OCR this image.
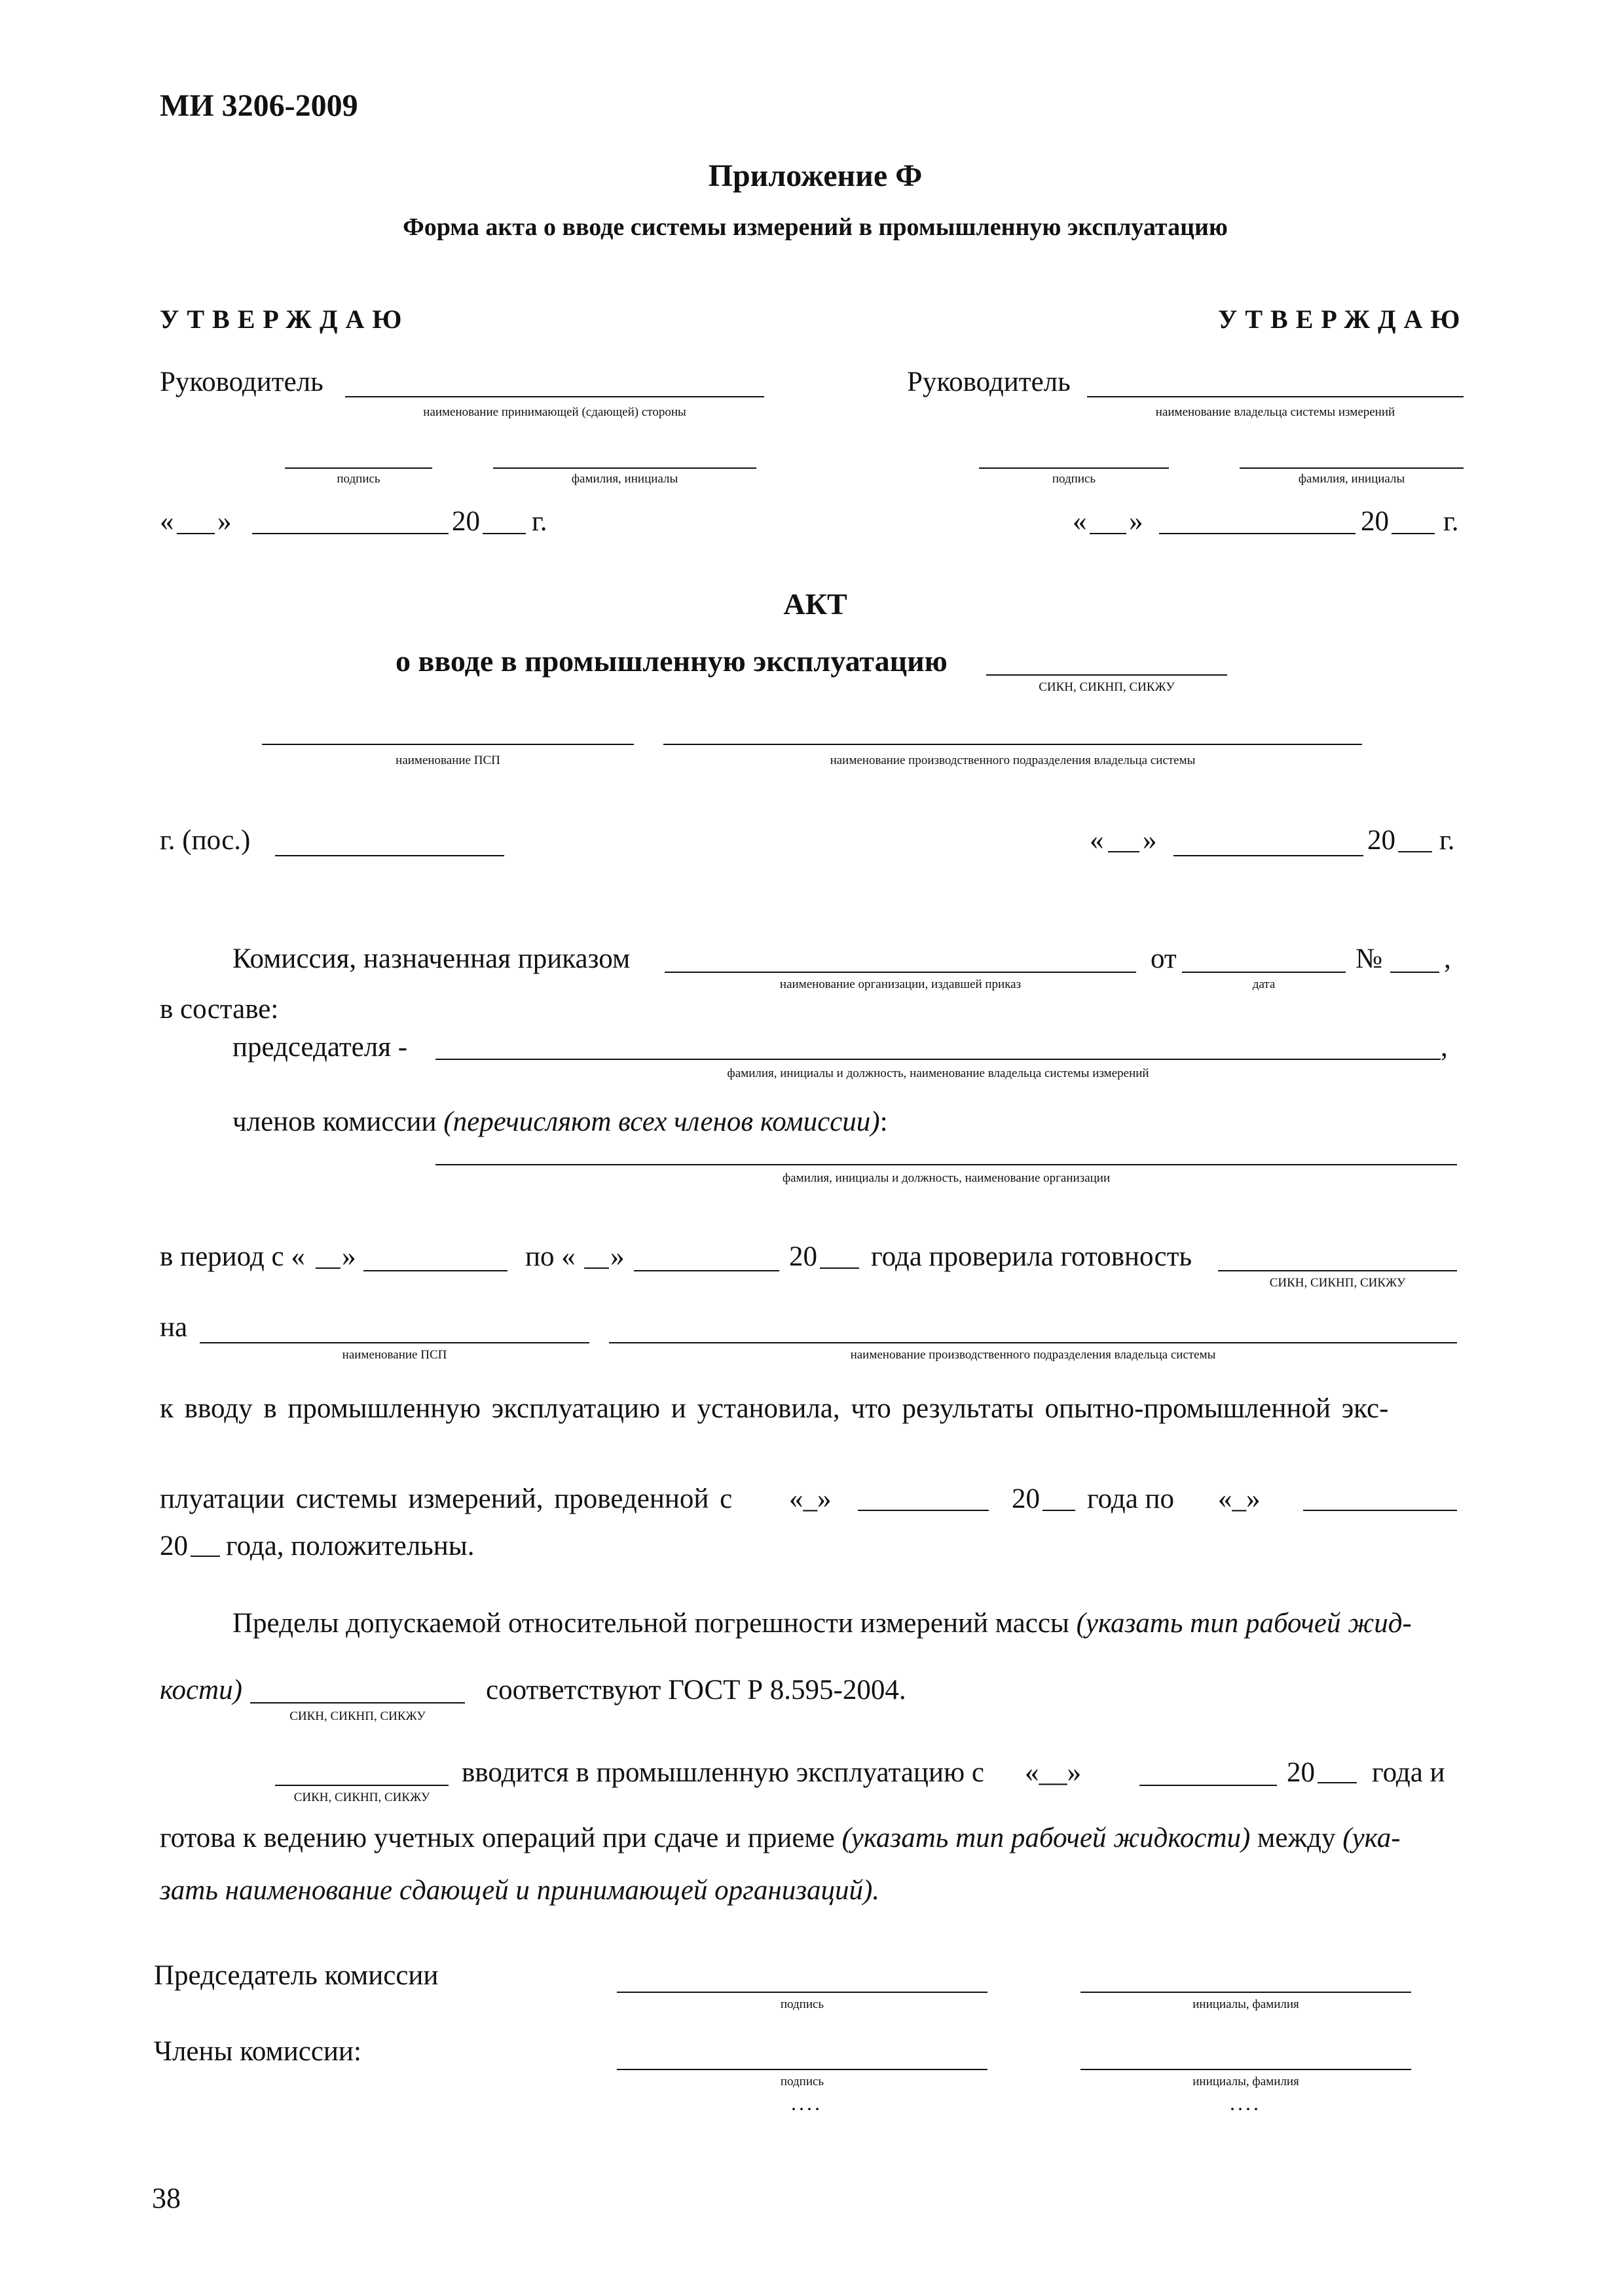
МИ 3206-2009
Приложение Ф
Форма акта о вводе системы измерений в промышленную эксплуатацию
УТВЕРЖДАЮ	УТВЕРЖДАЮ
Руководитель
наименование принимающей (сдающей) стороны
Руководитель
наименование владельца системы измерений
подпись	фамилия, инициалы	подпись	фамилия, инициалы
« »	20 г.	« »	20 г.
АКТ
о вводе в промышленную эксплуатацию
СИКН, СИКНП, СИКЖУ
наименование ПСП	наименование производственного подразделения владельца системы
г. (пос.)	« »	20 г.
Комиссия, назначенная приказом
наименование организации, издавшей приказ
от
дата
№ ,
в составе:
председателя -	,
фамилия, инициалы и должность, наименование владельца системы измерений
членов комиссии (перечисляют всех членов комиссии):
фамилия, инициалы и должность, наименование организации
в период с « »	по « »	20 года проверила готовность
СИКН, СИКНП, СИКЖУ
на
наименование ПСП	наименование производственного подразделения владельца системы
к вводу в промышленную эксплуатацию и установила, что результаты опытно-промышленной экс-
плуатации системы измерений, проведенной с «_»	20 года по «_»
20 года, положительны.
Пределы допускаемой относительной погрешности измерений массы (указать тип рабочей жид-
кости)
СИКН, СИКНП, СИКЖУ
соответствуют ГОСТ Р 8.595-2004.
СИКН, СИКНП, СИКЖУ
вводится в промышленную эксплуатацию с «__»	20 года и
готова к ведению учетных операций при сдаче и приеме (указать тип рабочей жидкости) между (ука-
зать наименование сдающей и принимающей организаций).
Председатель комиссии
подпись	инициалы, фамилия
Члены комиссии:
подпись	инициалы, фамилия
....	....
38
